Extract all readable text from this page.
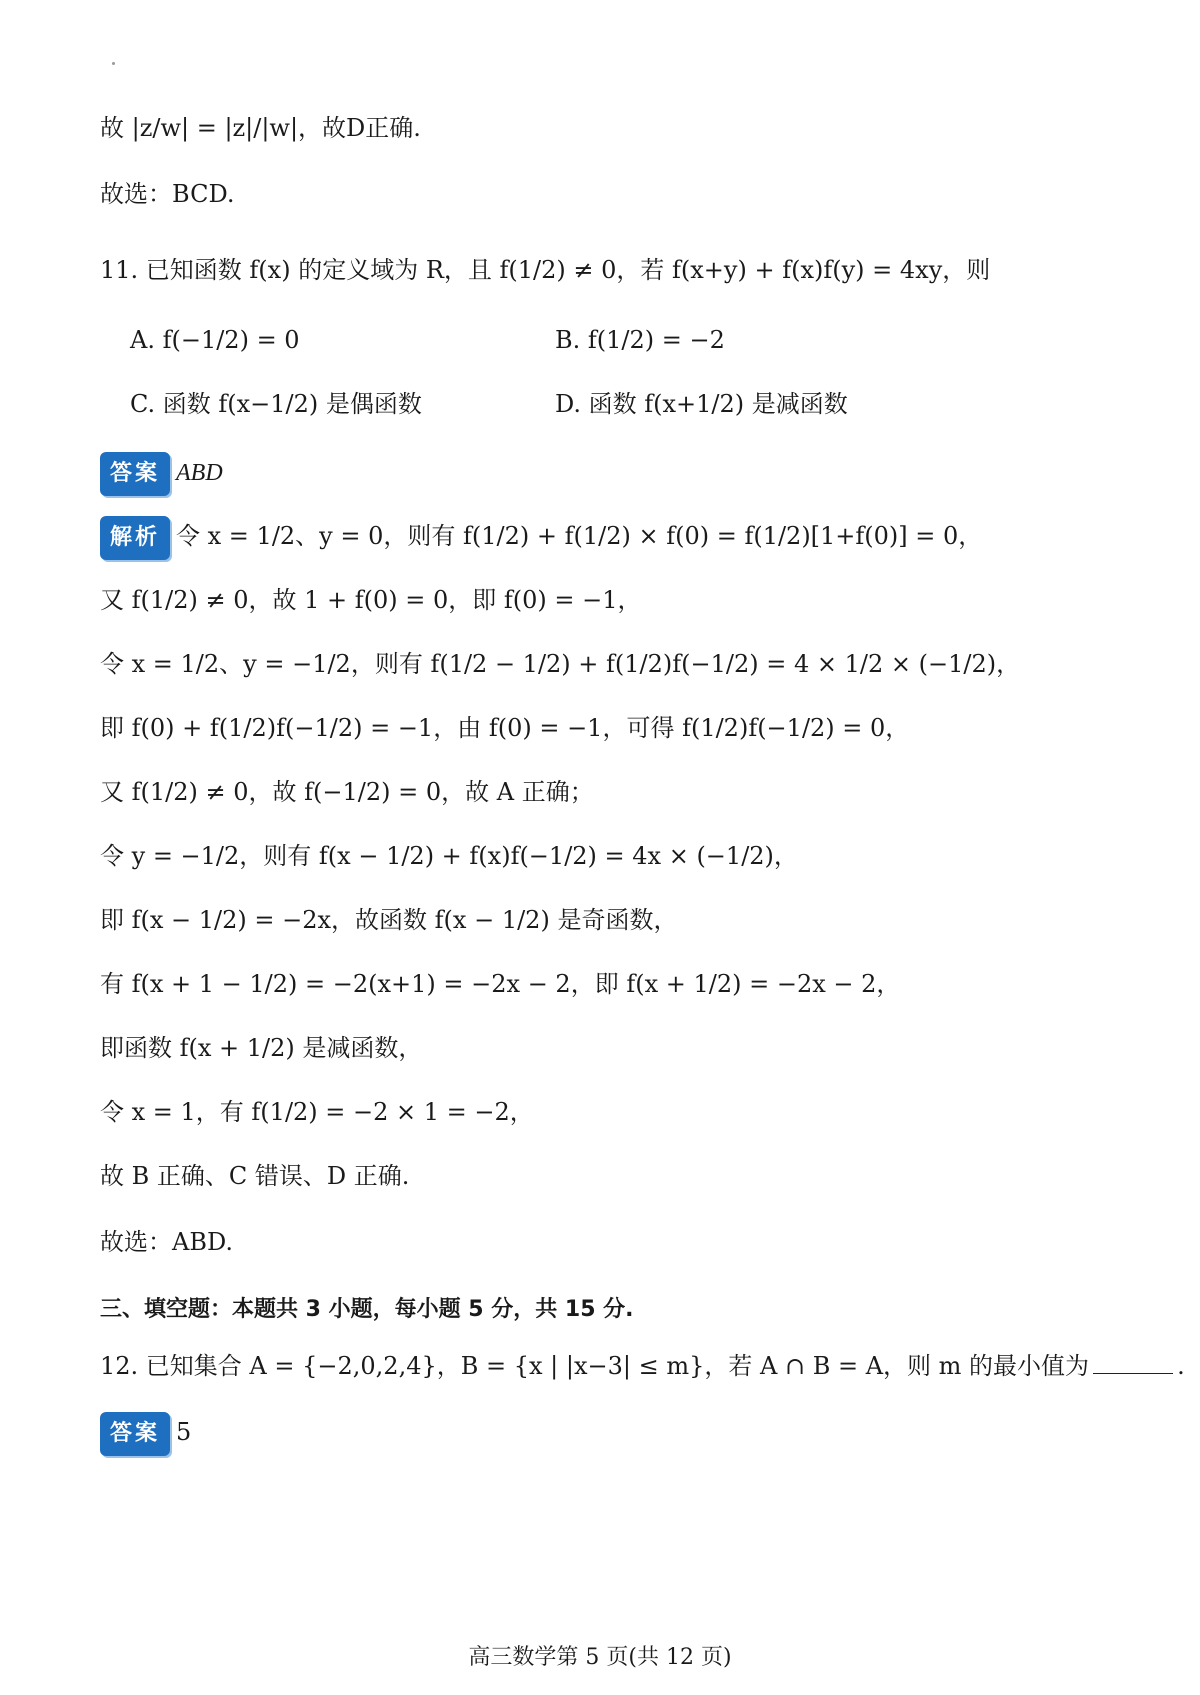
故 |z/w| = |z|/|w|，故D正确.
故选：BCD.
11. 已知函数 f(x) 的定义域为 R，且 f(1/2) ≠ 0，若 f(x+y) + f(x)f(y) = 4xy，则
A. f(−1/2) = 0	B. f(1/2) = −2
C. 函数 f(x−1/2) 是偶函数	D. 函数 f(x+1/2) 是减函数
答案 ABD
解析 令 x = 1/2、y = 0，则有 f(1/2) + f(1/2) × f(0) = f(1/2)[1+f(0)] = 0，
又 f(1/2) ≠ 0，故 1 + f(0) = 0，即 f(0) = −1，
令 x = 1/2、y = −1/2，则有 f(1/2 − 1/2) + f(1/2)f(−1/2) = 4 × 1/2 × (−1/2)，
即 f(0) + f(1/2)f(−1/2) = −1，由 f(0) = −1，可得 f(1/2)f(−1/2) = 0，
又 f(1/2) ≠ 0，故 f(−1/2) = 0，故 A 正确；
令 y = −1/2，则有 f(x − 1/2) + f(x)f(−1/2) = 4x × (−1/2)，
即 f(x − 1/2) = −2x，故函数 f(x − 1/2) 是奇函数，
有 f(x + 1 − 1/2) = −2(x+1) = −2x − 2，即 f(x + 1/2) = −2x − 2，
即函数 f(x + 1/2) 是减函数，
令 x = 1，有 f(1/2) = −2 × 1 = −2，
故 B 正确、C 错误、D 正确.
故选：ABD.
三、填空题：本题共 3 小题，每小题 5 分，共 15 分.
12. 已知集合 A = {−2,0,2,4}，B = {x | |x−3| ≤ m}，若 A ∩ B = A，则 m 的最小值为	.
答案 5
高三数学第 5 页(共 12 页)
